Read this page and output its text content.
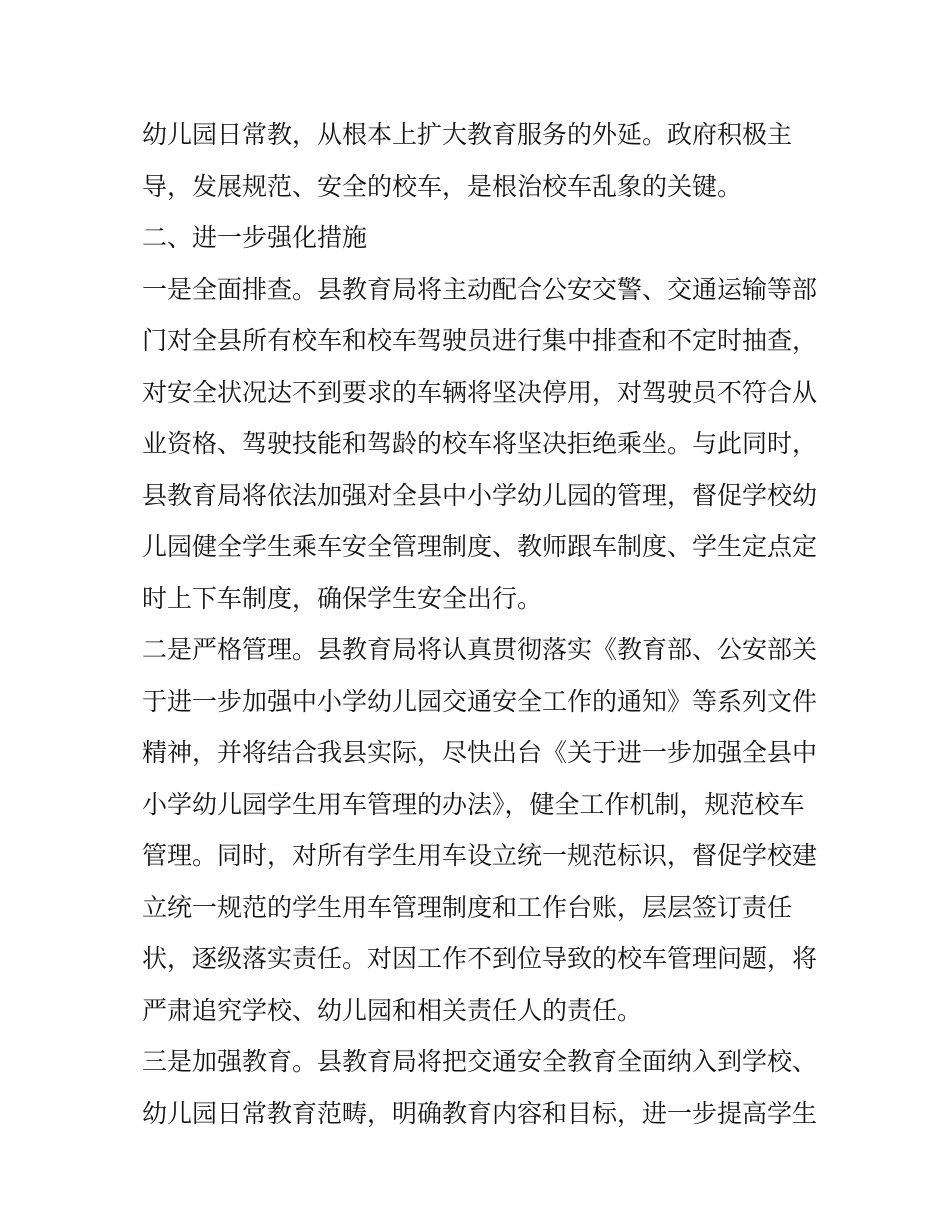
幼儿园日常教，从根本上扩大教育服务的外延。政府积极主
导，发展规范、安全的校车，是根治校车乱象的关键。
二、进一步强化措施
一是全面排查。县教育局将主动配合公安交警、交通运输等部
门对全县所有校车和校车驾驶员进行集中排查和不定时抽查，
对安全状况达不到要求的车辆将坚决停用，对驾驶员不符合从
业资格、驾驶技能和驾龄的校车将坚决拒绝乘坐。与此同时，
县教育局将依法加强对全县中小学幼儿园的管理，督促学校幼
儿园健全学生乘车安全管理制度、教师跟车制度、学生定点定
时上下车制度，确保学生安全出行。
二是严格管理。县教育局将认真贯彻落实《教育部、公安部关
于进一步加强中小学幼儿园交通安全工作的通知》等系列文件
精神，并将结合我县实际，尽快出台《关于进一步加强全县中
小学幼儿园学生用车管理的办法》，健全工作机制，规范校车
管理。同时，对所有学生用车设立统一规范标识，督促学校建
立统一规范的学生用车管理制度和工作台账，层层签订责任
状，逐级落实责任。对因工作不到位导致的校车管理问题，将
严肃追究学校、幼儿园和相关责任人的责任。
三是加强教育。县教育局将把交通安全教育全面纳入到学校、
幼儿园日常教育范畴，明确教育内容和目标，进一步提高学生
